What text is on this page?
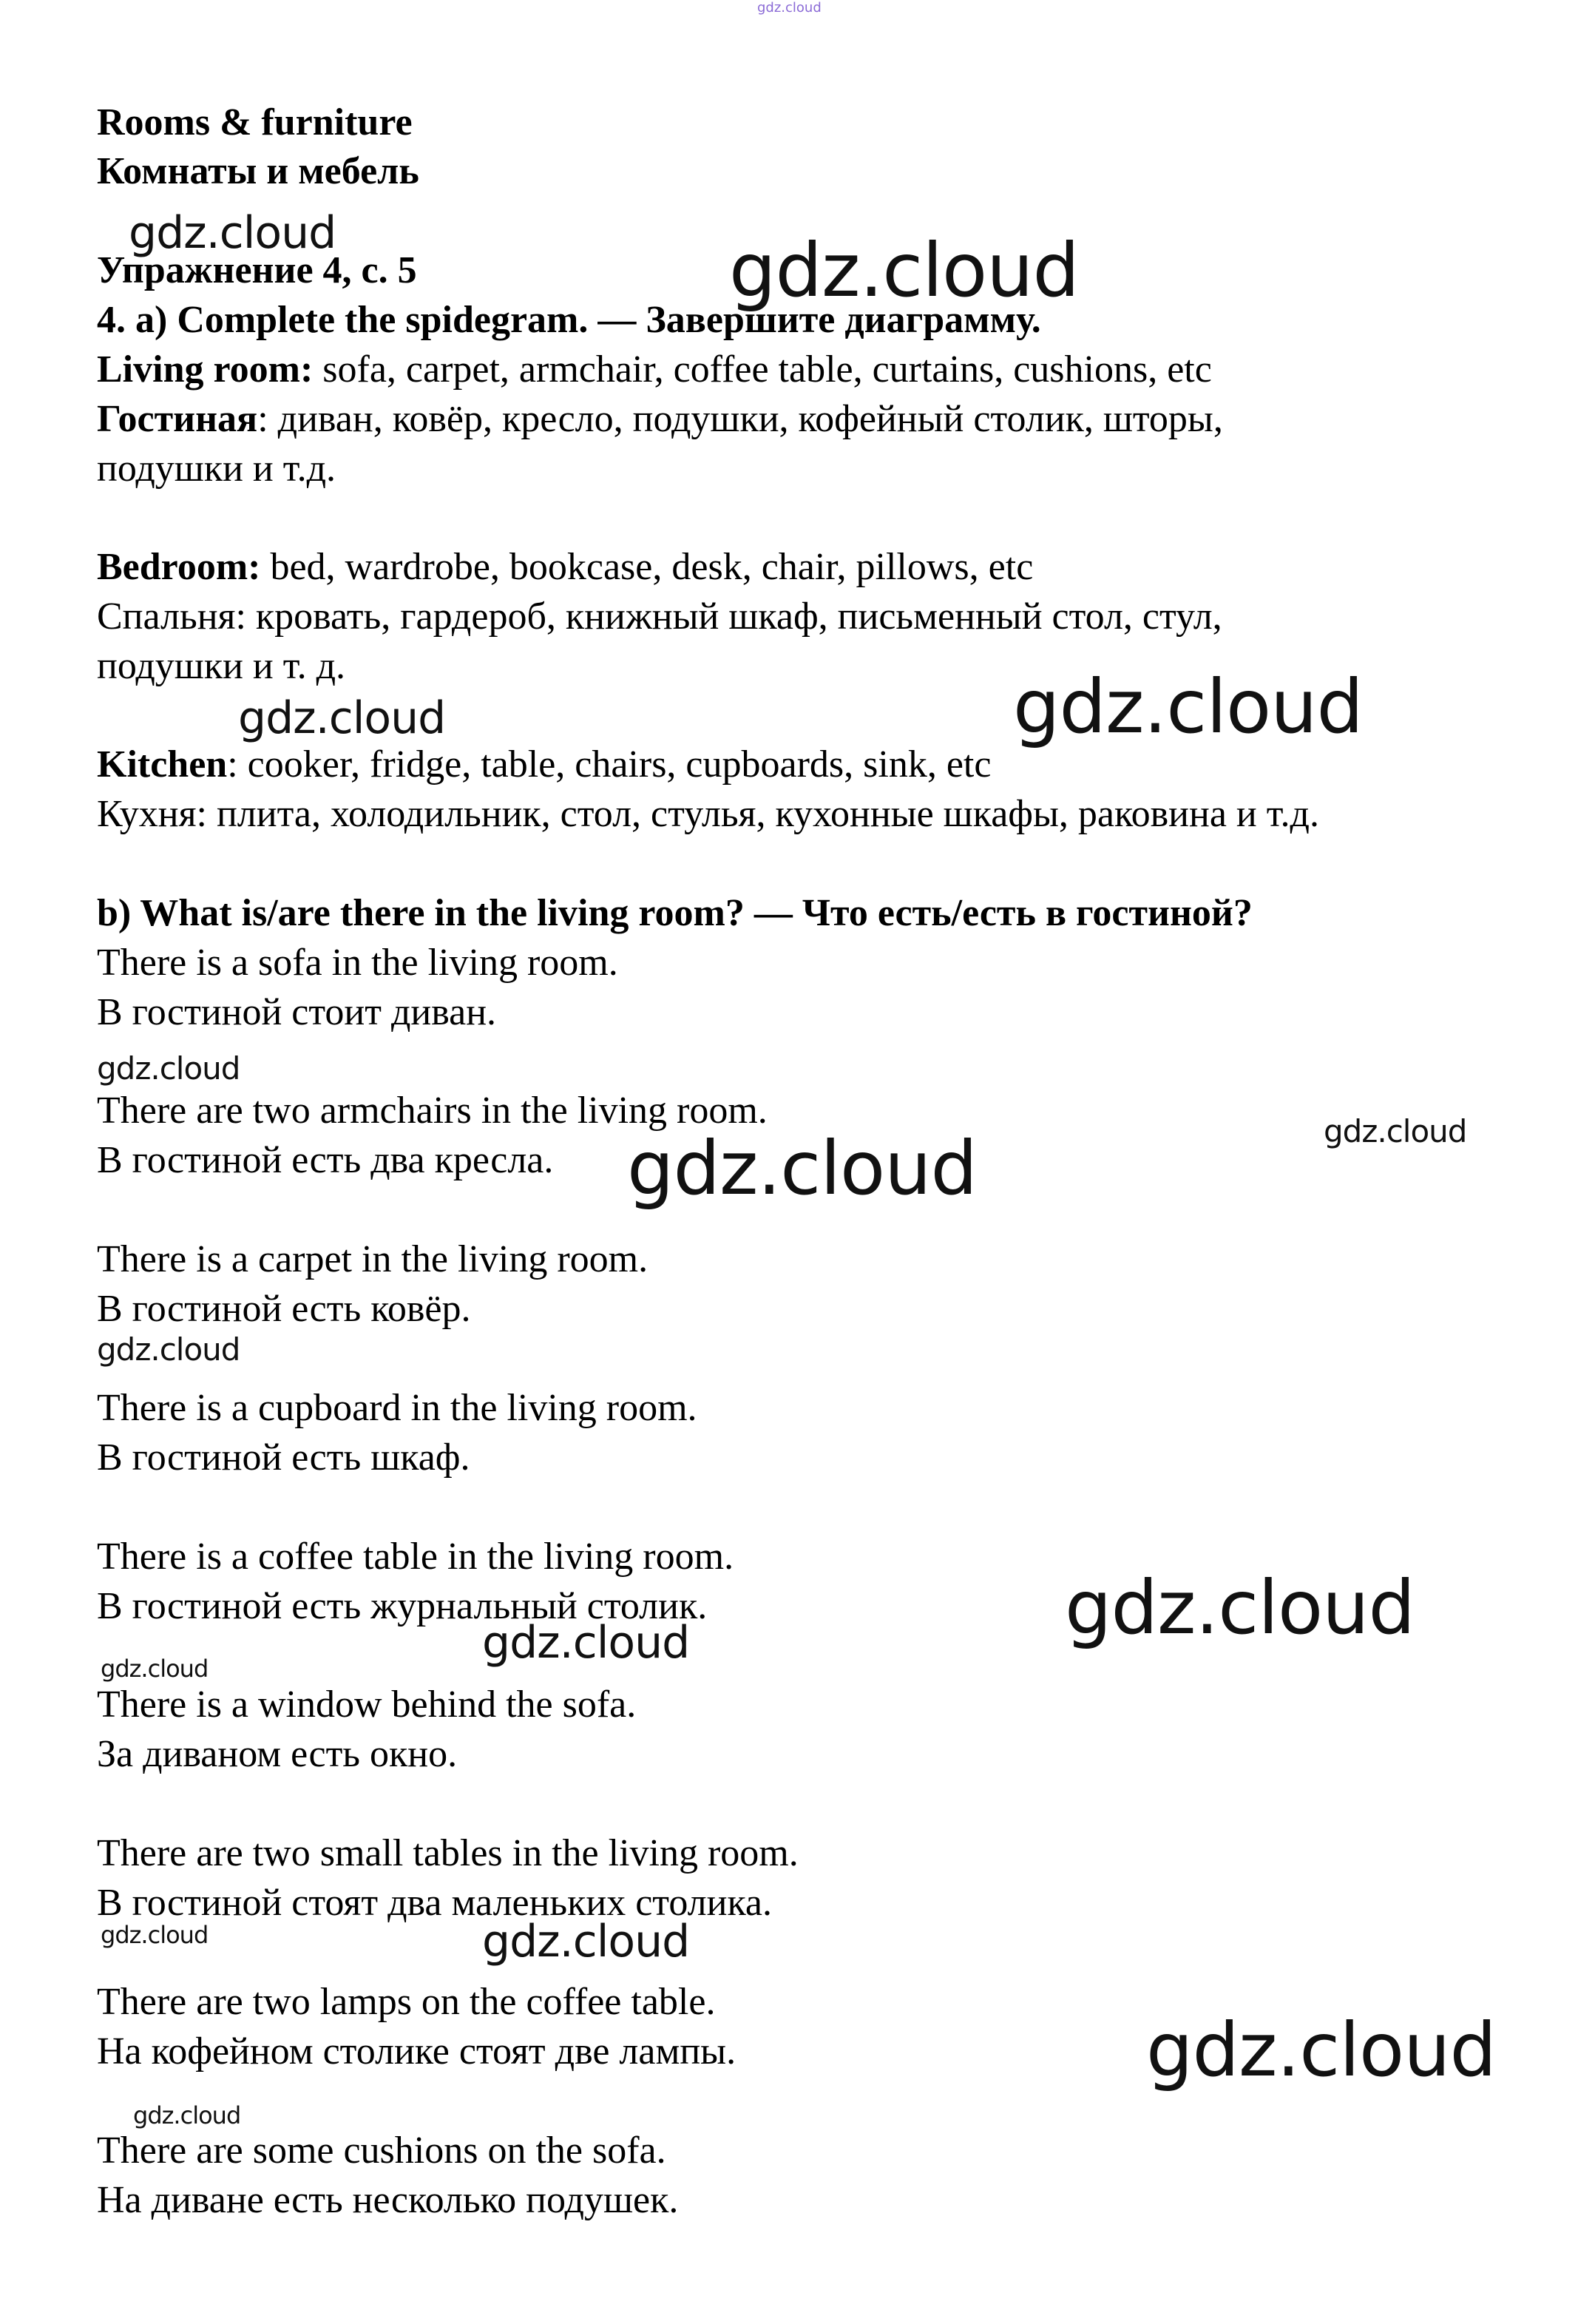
gdz.cloud

Rooms & furniture

Комнаты и мебель

Упражнение 4, с. 5

4. a) Complete the spidegram. — Завершите диаграмму.

Living room: sofa, carpet, armchair, coffee table, curtains, cushions, etc

Гостиная: диван, ковёр, кресло, подушки, кофейный столик, шторы,

подушки и т.д.

Bedroom: bed, wardrobe, bookcase, desk, chair, pillows, etc

Спальня: кровать, гардероб, книжный шкаф, письменный стол, стул,

подушки и т. д.

Kitchen: cooker, fridge, table, chairs, cupboards, sink, etc

Кухня: плита, холодильник, стол, стулья, кухонные шкафы, раковина и т.д.

b) What is/are there in the living room? — Что есть/есть в гостиной?

There is a sofa in the living room.

В гостиной стоит диван.

There are two armchairs in the living room.

В гостиной есть два кресла.

There is a carpet in the living room.

В гостиной есть ковёр.

There is a cupboard in the living room.

В гостиной есть шкаф.

There is a coffee table in the living room.

В гостиной есть журнальный столик.

There is a window behind the sofa.

За диваном есть окно.

There are two small tables in the living room.

В гостиной стоят два маленьких столика.

There are two lamps on the coffee table.

На кофейном столике стоят две лампы.

There are some cushions on the sofa.

На диване есть несколько подушек.

gdz.cloud	gdz.cloud
gdz.cloud	gdz.cloud
gdz.cloud
gdz.cloud
gdz.cloud
gdz.cloud
gdz.cloud
gdz.cloud
gdz.cloud
gdz.cloud	gdz.cloud
gdz.cloud
gdz.cloud
